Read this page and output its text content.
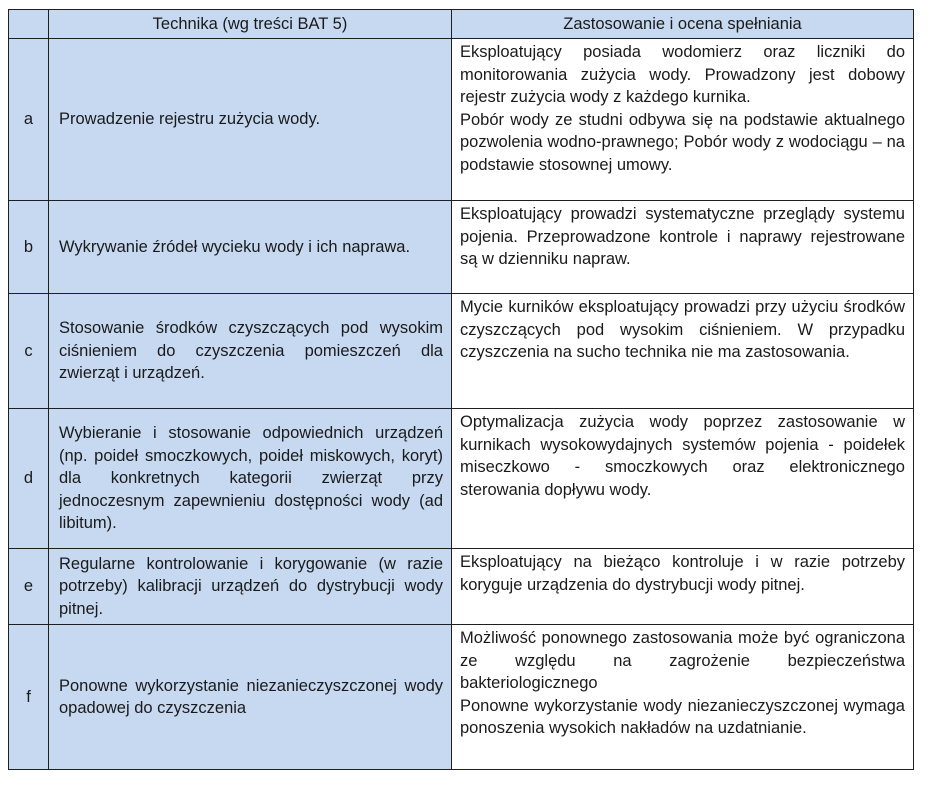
	Technika (wg treści BAT 5)	Zastosowanie i ocena spełniania
a	Prowadzenie rejestru zużycia wody.	Eksploatujący posiada wodomierz oraz liczniki do monitorowania zużycia wody. Prowadzony jest dobowy rejestr zużycia wody z każdego kurnika.
Pobór wody ze studni odbywa się na podstawie aktualnego pozwolenia wodno-prawnego; Pobór wody z wodociągu – na podstawie stosownej umowy.

b	Wykrywanie źródeł wycieku wody i ich naprawa.	Eksploatujący prowadzi systematyczne przeglądy systemu pojenia. Przeprowadzone kontrole i naprawy rejestrowane są w dzienniku napraw.

c	Stosowanie środków czyszczących pod wysokim ciśnieniem do czyszczenia pomieszczeń dla zwierząt i urządzeń.	Mycie kurników eksploatujący prowadzi przy użyciu środków czyszczących pod wysokim ciśnieniem. W przypadku czyszczenia na sucho technika nie ma zastosowania.

d	Wybieranie i stosowanie odpowiednich urządzeń (np. poideł smoczkowych, poideł miskowych, koryt) dla konkretnych kategorii zwierząt przy jednoczesnym zapewnieniu dostępności wody (ad libitum).	Optymalizacja zużycia wody poprzez zastosowanie w kurnikach wysokowydajnych systemów pojenia - poidełek miseczkowo - smoczkowych oraz elektronicznego sterowania dopływu wody.

e	Regularne kontrolowanie i korygowanie (w razie potrzeby) kalibracji urządzeń do dystrybucji wody pitnej.	Eksploatujący na bieżąco kontroluje i w razie potrzeby koryguje urządzenia do dystrybucji wody pitnej.

f	Ponowne wykorzystanie niezanieczyszczonej wody opadowej do czyszczenia	Możliwość ponownego zastosowania może być ograniczona ze względu na zagrożenie bezpieczeństwa bakteriologicznego
Ponowne wykorzystanie wody niezanieczyszczonej wymaga ponoszenia wysokich nakładów na uzdatnianie.
